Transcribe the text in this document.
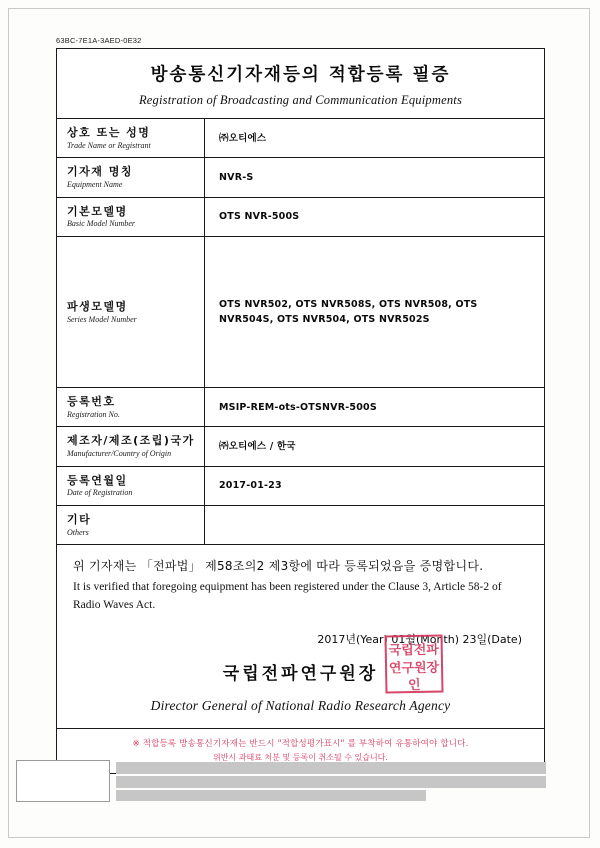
63BC-7E1A-3AED-0E32
방송통신기자재등의 적합등록 필증
Registration of Broadcasting and Communication Equipments
상호 또는 성명
Trade Name or Registrant
㈜오티에스
기자재 명칭
Equipment Name
NVR-S
기본모델명
Basic Model Number
OTS NVR-500S
파생모델명
Series Model Number
OTS NVR502, OTS NVR508S, OTS NVR508, OTS NVR504S, OTS NVR504, OTS NVR502S
등록번호
Registration No.
MSIP-REM-ots-OTSNVR-500S
제조자/제조(조립)국가
Manufacturer/Country of Origin
㈜오티에스 / 한국
등록연월일
Date of Registration
2017-01-23
기타
Others
위 기자재는 「전파법」 제58조의2 제3항에 따라 등록되었음을 증명합니다.
It is verified that foregoing equipment has been registered under the Clause 3, Article 58-2 of Radio Waves Act.
2017년(Year) 01월(Month) 23일(Date)
국립전파연구원장
국립전파연구원장인
Director General of National Radio Research Agency
※ 적합등록 방송통신기자재는 반드시 "적합성평가표시" 를 부착하여 유통하여야 합니다.
위반시 과태료 처분 및 등록이 취소될 수 있습니다.
